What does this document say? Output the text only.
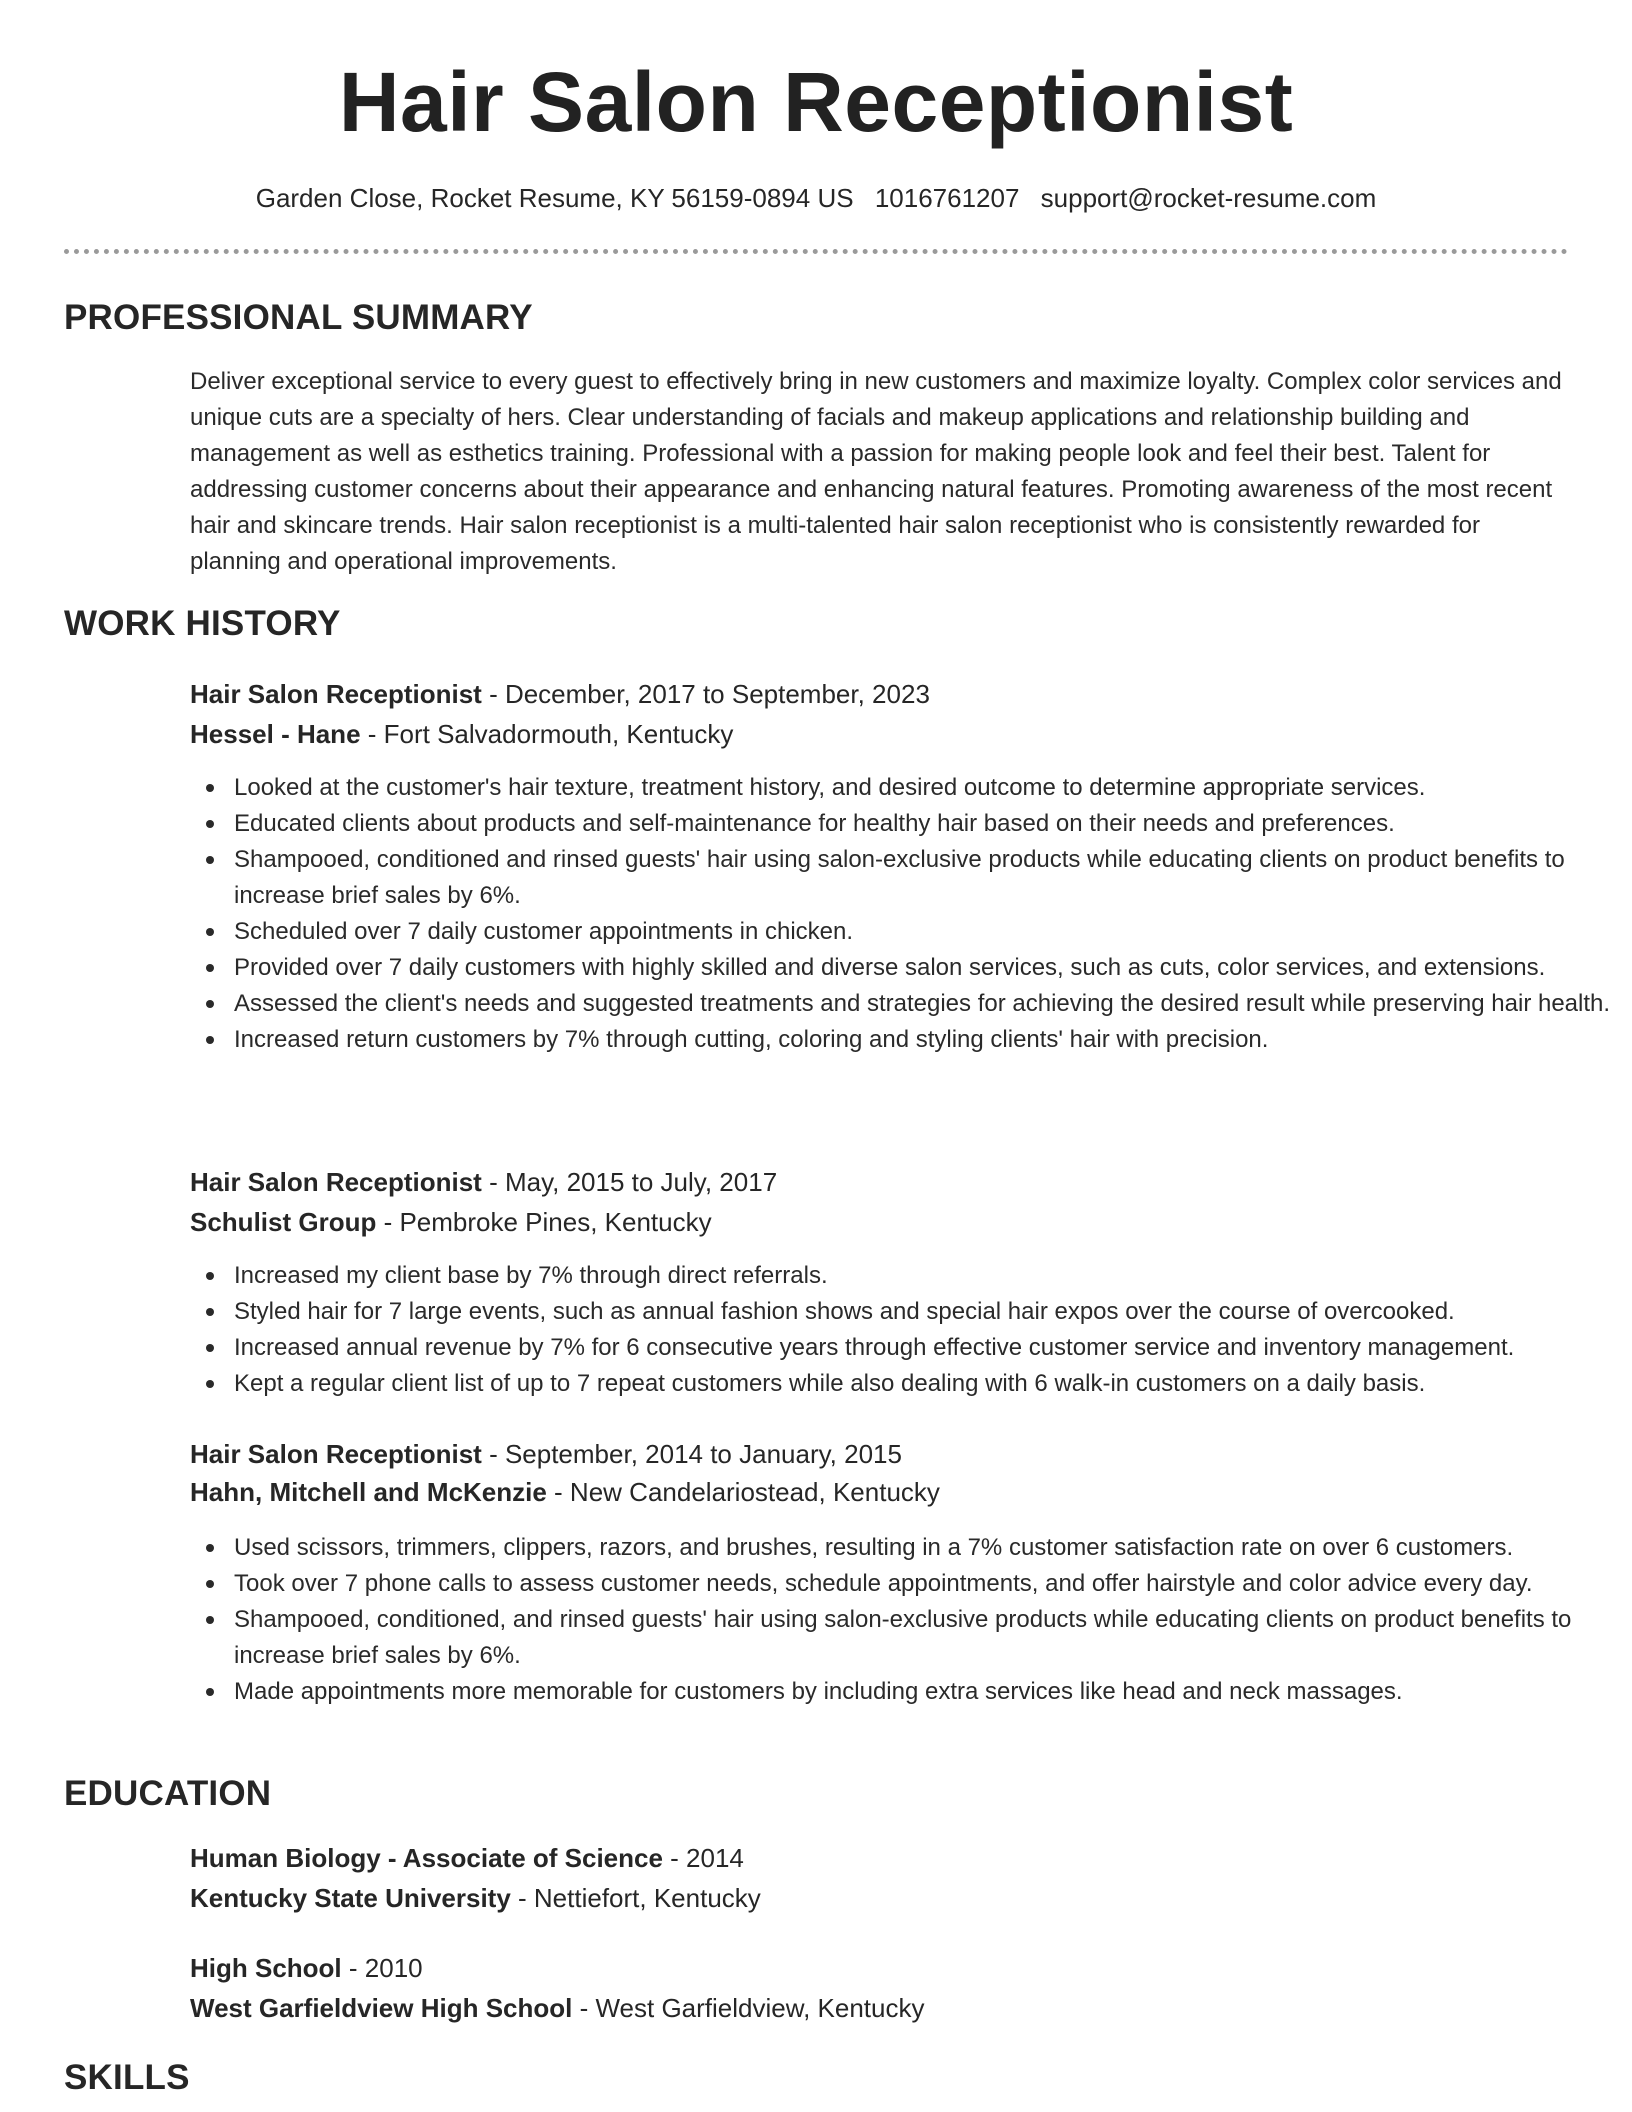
Hair Salon Receptionist
Garden Close, Rocket Resume, KY 56159-0894 US 1016761207 support@rocket-resume.com
PROFESSIONAL SUMMARY

Deliver exceptional service to every guest to effectively bring in new customers and maximize loyalty. Complex color services and unique cuts are a specialty of hers. Clear understanding of facials and makeup applications and relationship building and management as well as esthetics training. Professional with a passion for making people look and feel their best. Talent for addressing customer concerns about their appearance and enhancing natural features. Promoting awareness of the most recent hair and skincare trends. Hair salon receptionist is a multi-talented hair salon receptionist who is consistently rewarded for planning and operational improvements.

WORK HISTORY
Hair Salon Receptionist - December, 2017 to September, 2023
Hessel - Hane - Fort Salvadormouth, Kentucky
Looked at the customer's hair texture, treatment history, and desired outcome to determine appropriate services.
Educated clients about products and self-maintenance for healthy hair based on their needs and preferences.
Shampooed, conditioned and rinsed guests' hair using salon-exclusive products while educating clients on product benefits to increase brief sales by 6%.
Scheduled over 7 daily customer appointments in chicken.
Provided over 7 daily customers with highly skilled and diverse salon services, such as cuts, color services, and extensions.
Assessed the client's needs and suggested treatments and strategies for achieving the desired result while preserving hair health.
Increased return customers by 7% through cutting, coloring and styling clients' hair with precision.
Hair Salon Receptionist - May, 2015 to July, 2017
Schulist Group - Pembroke Pines, Kentucky
Increased my client base by 7% through direct referrals.
Styled hair for 7 large events, such as annual fashion shows and special hair expos over the course of overcooked.
Increased annual revenue by 7% for 6 consecutive years through effective customer service and inventory management.
Kept a regular client list of up to 7 repeat customers while also dealing with 6 walk-in customers on a daily basis.
Hair Salon Receptionist - September, 2014 to January, 2015
Hahn, Mitchell and McKenzie - New Candelariostead, Kentucky
Used scissors, trimmers, clippers, razors, and brushes, resulting in a 7% customer satisfaction rate on over 6 customers.
Took over 7 phone calls to assess customer needs, schedule appointments, and offer hairstyle and color advice every day.
Shampooed, conditioned, and rinsed guests' hair using salon-exclusive products while educating clients on product benefits to increase brief sales by 6%.
Made appointments more memorable for customers by including extra services like head and neck massages.
EDUCATION
Human Biology - Associate of Science - 2014
Kentucky State University - Nettiefort, Kentucky
High School - 2010
West Garfieldview High School - West Garfieldview, Kentucky
SKILLS
